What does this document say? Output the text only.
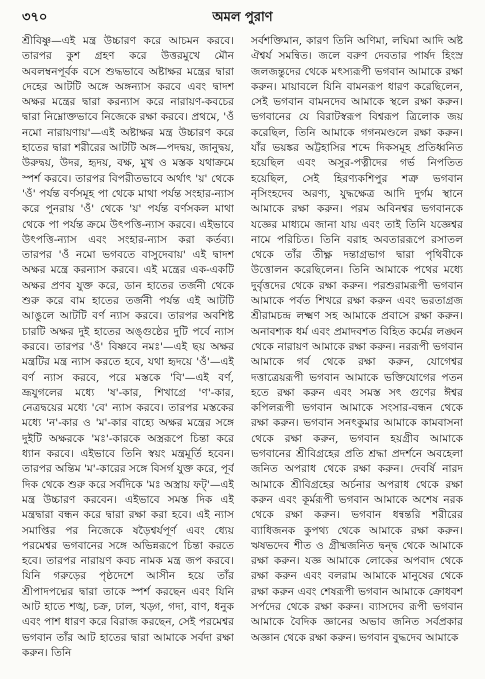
৩৭০	অমল পুরাণ

শ্রীবিষ্ণু—এই মন্ত্র উচ্চারণ করে আচমন করবে। তারপর কুশ গ্রহণ করে উত্তরমুখে মৌন অবলম্বনপূর্বক বসে শুদ্ধভাবে অষ্টাক্ষর মন্ত্রের দ্বারা দেহের আটটি অঙ্গে অঙ্গন্যাস করবে এবং দ্বাদশ অক্ষর মন্ত্রের দ্বারা করন্যাস করে নারায়ণ-কবচের দ্বারা নিম্নোক্তভাবে নিজেকে রক্ষা করবে। প্রথমে, 'ওঁ নমো নারায়ণায়'—এই অষ্টাক্ষর মন্ত্র উচ্চারণ করে হাতের দ্বারা শরীরের আটটি অঙ্গ—পদদ্বয়, জানুদ্বয়, উরুদ্বয়, উদর, হৃদয়, বক্ষ, মুখ ও মস্তক যথাক্রমে স্পর্শ করবে। তারপর বিপরীতভাবে অর্থাৎ 'য়' থেকে 'ওঁ' পর্যন্ত বর্ণসমূহ পা থেকে মাথা পর্যন্ত সংহার-ন্যাস করে পুনরায় 'ওঁ' থেকে 'য়' পর্যন্ত বর্ণসকল মাথা থেকে পা পর্যন্ত ক্রমে উৎপত্তি-ন্যাস করবে। এইভাবে উৎপত্তি-ন্যাস এবং সংহার-ন্যাস করা কর্তব্য। তারপর 'ওঁ নমো ভগবতে বাসুদেবায়' এই দ্বাদশ অক্ষর মন্ত্রে করন্যাস করবে। এই মন্ত্রের এক-একটি অক্ষর প্রণব যুক্ত করে, ডান হাতের তর্জনী থেকে শুরু করে বাম হাতের তর্জনী পর্যন্ত এই আটটি আঙুলে আটটি বর্ণ ন্যাস করবে। তারপর অবশিষ্ট চারটি অক্ষর দুই হাতের অঙ্গুষ্ঠের দুটি পর্বে ন্যাস করবে। তারপর 'ওঁ' বিষ্ণবে নমঃ'—এই ছয় অক্ষর মন্ত্রটির মন্ত্র ন্যাস করতে হবে, যথা হৃদয়ে 'ওঁ'—এই বর্ণ ন্যাস করবে, পরে মস্তকে 'বি'—এই বর্ণ, ভ্রূযুগলের মধ্যে 'ষ'-কার, শিখাগ্রে 'ণ'-কার, নেত্রদ্বয়ের মধ্যে 'বে' ন্যাস করবে। তারপর মস্তকের মধ্যে 'ন'-কার ও 'ম'-কার বাহ্যে অক্ষর মন্ত্রের সঙ্গে দুইটি অক্ষরকে 'মঃ'-কারকে অস্ত্ররূপে চিন্তা করে ধ্যান করবে। এইভাবে তিনি স্বয়ং মন্ত্রমূর্তি হবেন। তারপর অন্তিম 'ম'-কারের সঙ্গে বিসর্গ যুক্ত করে, পূর্ব দিক থেকে শুরু করে সর্বদিকে 'মঃ অস্ত্রায় ফট্'—এই মন্ত্র উচ্চারণ করবেন। এইভাবে সমস্ত দিক এই মন্ত্রদ্বারা বন্ধন করে দ্বারা রক্ষা করা হবে। এই ন্যাস সমাপ্তির পর নিজেকে ষড়ৈশ্বর্যপূর্ণ এবং ধ্যেয় পরমেশ্বর ভগবানের সঙ্গে অভিন্নরূপে চিন্তা করতে হবে। তারপর নারায়ণ কবচ নামক মন্ত্র জপ করবে। যিনি গরুড়ের পৃষ্ঠদেশে আসীন হয়ে তাঁর শ্রীপাদপদ্মের দ্বারা তাকে স্পর্শ করছেন এবং যিনি আট হাতে শঙ্খ, চক্র, ঢাল, খড়্গ, গদা, বাণ, ধনুক এবং পাশ ধারণ করে বিরাজ করছেন, সেই পরমেশ্বর ভগবান তাঁর আট হাতের দ্বারা আমাকে সর্বদা রক্ষা করুন। তিনি

সর্বশক্তিমান, কারণ তিনি অণিমা, লঘিমা আদি অষ্ট ঐশ্বর্য সমন্বিত। জলে বরুণ দেবতার পার্ষদ হিংস্র জলজন্তুদের থেকে মৎস্যরূপী ভগবান আমাকে রক্ষা করুন। মায়াবলে যিনি বামনরূপ ধারণ করেছিলেন, সেই ভগবান বামনদেব আমাকে স্থলে রক্ষা করুন। ভগবানের যে বিরাটস্বরূপ বিশ্বরূপ ত্রিলোক জয় করেছিল, তিনি আমাকে গগনমণ্ডলে রক্ষা করুন। যাঁর ভয়ঙ্কর অট্টহাসির শব্দে দিকসমূহ প্রতিধ্বনিত হয়েছিল এবং অসুর-পত্নীদের গর্ভ নিপতিত হয়েছিল, সেই হিরণ্যকশিপুর শত্রু ভগবান নৃসিংহদেব অরণ্য, যুদ্ধক্ষেত্র আদি দুর্গম স্থানে আমাকে রক্ষা করুন। পরম অবিনশ্বর ভগবানকে যজ্ঞের মাধ্যমে জানা যায় এবং তাই তিনি যজ্ঞেশ্বর নামে পরিচিত। তিনি বরাহ অবতাররূপে রসাতল থেকে তাঁর তীক্ষ্ণ দন্তাগ্রভাগ দ্বারা পৃথিবীকে উত্তোলন করেছিলেন। তিনি আমাকে পথের মধ্যে দুর্বৃত্তদের থেকে রক্ষা করুন। পরশুরামরূপী ভগবান আমাকে পর্বত শিখরে রক্ষা করুন এবং ভরতাগ্রজ শ্রীরামচন্দ্র লক্ষ্মণ সহ আমাকে প্রবাসে রক্ষা করুন। অনাবশ্যক ধর্ম এবং প্রমাদবশত বিহিত কর্মের লঙ্ঘন থেকে নারায়ণ আমাকে রক্ষা করুন। নররূপী ভগবান আমাকে গর্ব থেকে রক্ষা করুন, যোগেশ্বর দত্তাত্রেয়রূপী ভগবান আমাকে ভক্তিযোগের পতন হতে রক্ষা করুন এবং সমস্ত সৎ গুণের ঈশ্বর কপিলরূপী ভগবান আমাকে সংসার-বন্ধন থেকে রক্ষা করুন। ভগবান সনৎকুমার আমাকে কামবাসনা থেকে রক্ষা করুন, ভগবান হয়গ্রীব আমাকে ভগবানের শ্রীবিগ্রহের প্রতি শ্রদ্ধা প্রদর্শনে অবহেলা জনিত অপরাধ থেকে রক্ষা করুন। দেবর্ষি নারদ আমাকে শ্রীবিগ্রহের অর্চনার অপরাধ থেকে রক্ষা করুন এবং কূর্মরূপী ভগবান আমাকে অশেষ নরক থেকে রক্ষা করুন। ভগবান ধন্বন্তরি শরীরের ব্যাধিজনক কুপথ্য থেকে আমাকে রক্ষা করুন। ঋষভদেব শীত ও গ্রীষ্মজনিত দ্বন্দ্ব থেকে আমাকে রক্ষা করুন। যজ্ঞ আমাকে লোকের অপবাদ থেকে রক্ষা করুন এবং বলরাম আমাকে মানুষের থেকে রক্ষা করুন এবং শেষরূপী ভগবান আমাকে ক্রোধবশ সর্পদের থেকে রক্ষা করুন। ব্যাসদেব রূপী ভগবান আমাকে বৈদিক জ্ঞানের অভাব জনিত সর্বপ্রকার অজ্ঞান থেকে রক্ষা করুন। ভগবান বুদ্ধদেব আমাকে
